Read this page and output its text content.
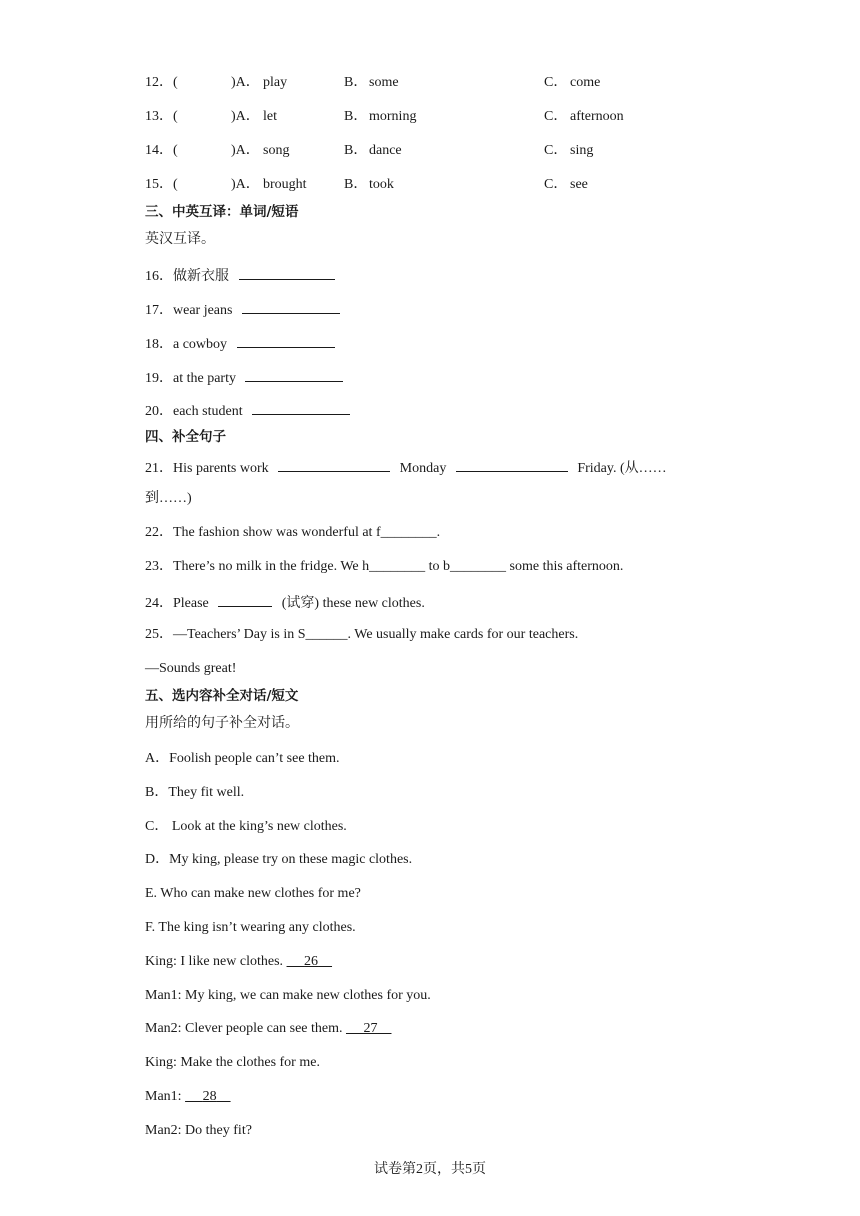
12．(	)A． play	B． some	C． come
13．(	)A． let	B． morning	C． afternoon
14．(	)A． song	B． dance	C． sing
15．(	)A． brought	B． took	C． see
三、中英互译：单词/短语
英汉互译。
16．做新衣服
17．wear jeans
18．a cowboy
19．at the party
20．each student
四、补全句子
21．His parents work	Monday	Friday. (从……
到……)
22．The fashion show was wonderful at f________.
23．There’s no milk in the fridge. We h________ to b________ some this afternoon.
24．Please	(试穿) these new clothes.
25．—Teachers’ Day is in S______. We usually make cards for our teachers.
—Sounds great!
五、选内容补全对话/短文
用所给的句子补全对话。
A．Foolish people can’t see them.
B．They fit well.
C． Look at the king’s new clothes.
D．My king, please try on these magic clothes.
E. Who can make new clothes for me?
F. The king isn’t wearing any clothes.
King: I like new clothes.      26
Man1: My king, we can make new clothes for you.
Man2: Clever people can see them.      27
King: Make the clothes for me.
Man1:      28
Man2: Do they fit?
试卷第2页，共5页
